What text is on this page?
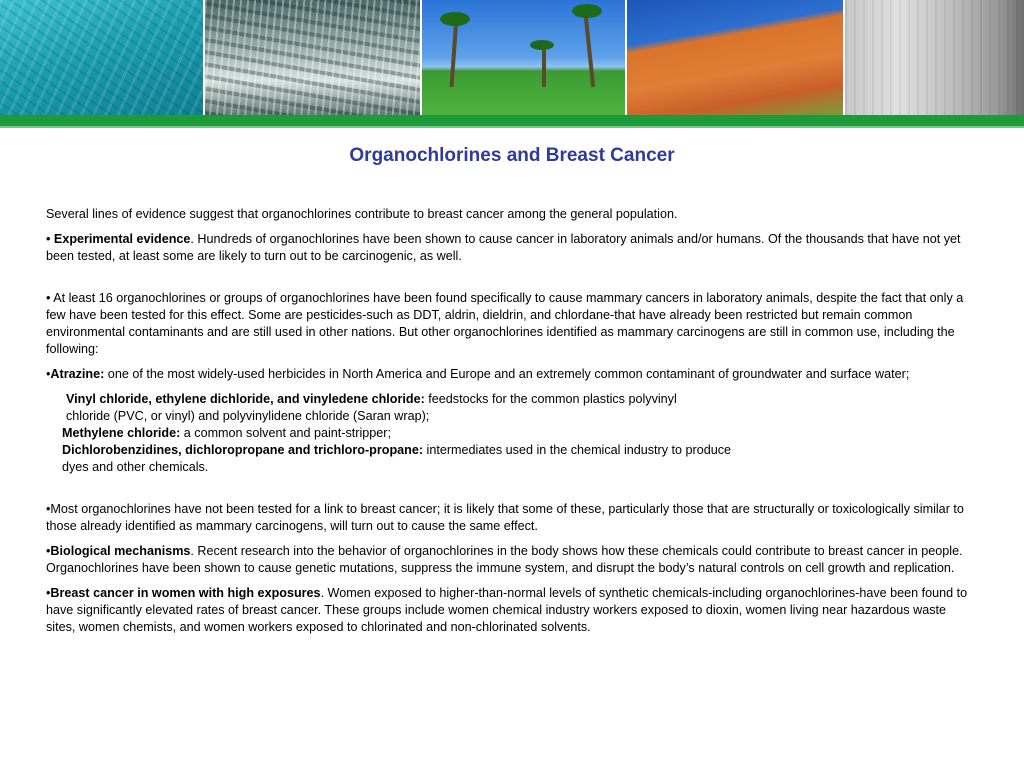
Organochlorines and Breast Cancer

Several lines of evidence suggest that organochlorines contribute to breast cancer among the general population.

• Experimental evidence. Hundreds of organochlorines have been shown to cause cancer in laboratory animals and/or humans. Of the thousands that have not yet been tested, at least some are likely to turn out to be carcinogenic, as well.

• At least 16 organochlorines or groups of organochlorines have been found specifically to cause mammary cancers in laboratory animals, despite the fact that only a few have been tested for this effect. Some are pesticides-such as DDT, aldrin, dieldrin, and chlordane-that have already been restricted but remain common environmental contaminants and are still used in other nations. But other organochlorines identified as mammary carcinogens are still in common use, including the following:

•Atrazine: one of the most widely-used herbicides in North America and Europe and an extremely common contaminant of groundwater and surface water;

Vinyl chloride, ethylene dichloride, and vinyledene chloride: feedstocks for the common plastics polyvinyl

chloride (PVC, or vinyl) and polyvinylidene chloride (Saran wrap);

Methylene chloride: a common solvent and paint-stripper;

Dichlorobenzidines, dichloropropane and trichloro-propane: intermediates used in the chemical industry to produce

dyes and other chemicals.

•Most organochlorines have not been tested for a link to breast cancer; it is likely that some of these, particularly those that are structurally or toxicologically similar to those already identified as mammary carcinogens, will turn out to cause the same effect.

•Biological mechanisms. Recent research into the behavior of organochlorines in the body shows how these chemicals could contribute to breast cancer in people. Organochlorines have been shown to cause genetic mutations, suppress the immune system, and disrupt the body’s natural controls on cell growth and replication.

•Breast cancer in women with high exposures. Women exposed to higher-than-normal levels of synthetic chemicals-including organochlorines-have been found to have significantly elevated rates of breast cancer. These groups include women chemical industry workers exposed to dioxin, women living near hazardous waste sites, women chemists, and women workers exposed to chlorinated and non-chlorinated solvents.
